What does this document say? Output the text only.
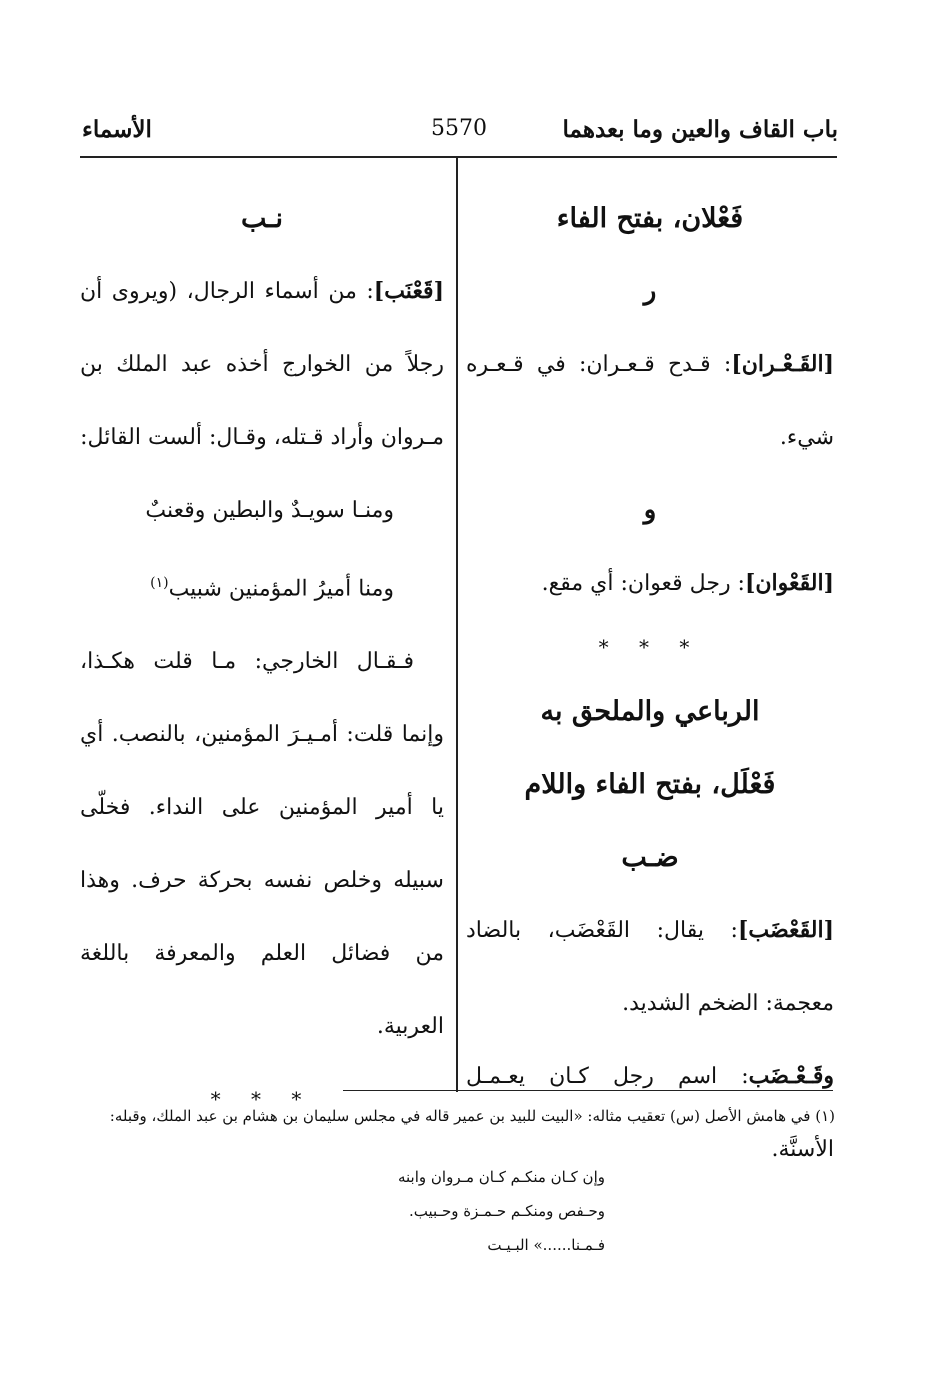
باب القاف والعين وما بعدهما
5570
الأسماء
فَعْلان، بفتح الفاء
ر

[القَـعْـران]: قـدح قـعـران: في قـعـره شيء.

و

[القَعْوان]: رجل قعوان: أي مقع.

* * *
الرباعي والملحق به
فَعْلَل، بفتح الفاء واللام
ضـب

[القَعْضَب]: يقال: القَعْضَب، بالضاد معجمة: الضخم الشديد.

وقَـعْـضَب: اسم رجل كـان يعـمـل الأسنَّة.

نـب

[قَعْنَب]: من أسماء الرجال، (ويروى أن رجلاً من الخوارج أخذه عبد الملك بن مـروان وأراد قـتله، وقـال: ألست القائل:

ومنـا سويـدٌ والبطين وقعنبٌ

ومنا أميرُ المؤمنين شبيب$^{(١)}$

فـقـال الخارجي: مـا قلت هكـذا، وإنما قلت: أمـيـرَ المؤمنين، بالنصب. أي يا أمير المؤمنين على النداء. فخلّى سبيله وخلص نفسه بحركة حرف. وهذا من فضائل العلم والمعرفة باللغة العربية.

* * *

(١) في هامش الأصل (س) تعقيب مثاله: «البيت للبيد بن عمير قاله في مجلس سليمان بن هشام بن عبد الملك، وقبله:

وإن كـان منكـم كـان مـروان وابنه

وحـفص ومنكـم حـمـزة وحـبيب.

فـمـنا......» البـيـت
